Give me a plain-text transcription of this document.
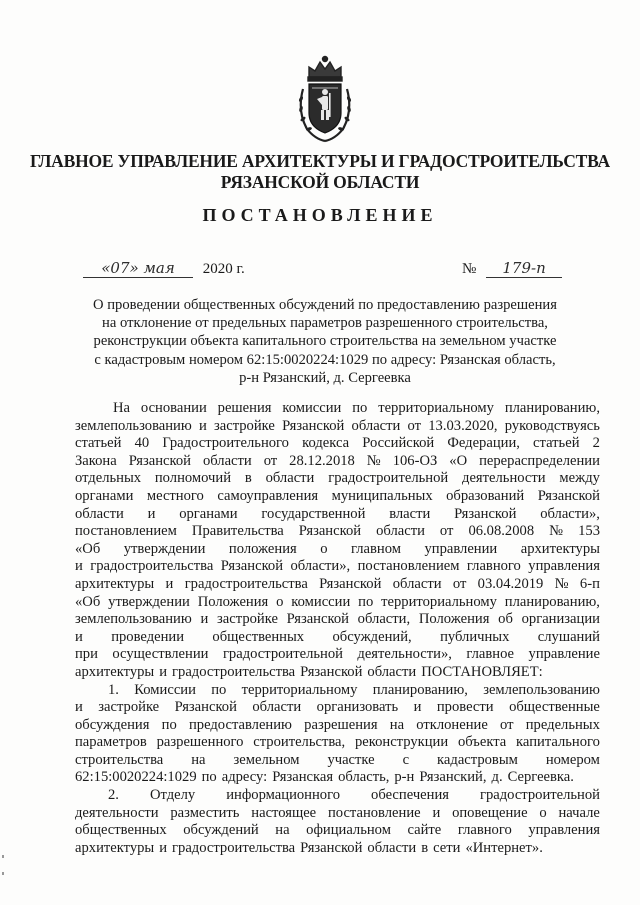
ГЛАВНОЕ УПРАВЛЕНИЕ АРХИТЕКТУРЫ И ГРАДОСТРОИТЕЛЬСТВА
РЯЗАНСКОЙ ОБЛАСТИ
ПОСТАНОВЛЕНИЕ
«07» мая 2020 г.	№ 179-п
О проведении общественных обсуждений по предоставлению разрешения
на отклонение от предельных параметров разрешенного строительства,
реконструкции объекта капитального строительства на земельном участке
с кадастровым номером 62:15:0020224:1029 по адресу: Рязанская область,
р-н Рязанский, д. Сергеевка
На основании решения комиссии по территориальному планированию,
землепользованию и застройке Рязанской области от 13.03.2020, руководствуясь
статьей 40 Градостроительного кодекса Российской Федерации, статьей 2
Закона Рязанской области от 28.12.2018 № 106-ОЗ «О перераспределении
отдельных полномочий в области градостроительной деятельности между
органами местного самоуправления муниципальных образований Рязанской
области и органами государственной власти Рязанской области»,
постановлением Правительства Рязанской области от 06.08.2008 № 153
«Об утверждении положения о главном управлении архитектуры
и градостроительства Рязанской области», постановлением главного управления
архитектуры и градостроительства Рязанской области от 03.04.2019 № 6-п
«Об утверждении Положения о комиссии по территориальному планированию,
землепользованию и застройке Рязанской области, Положения об организации
и проведении общественных обсуждений, публичных слушаний
при осуществлении градостроительной деятельности», главное управление
архитектуры и градостроительства Рязанской области ПОСТАНОВЛЯЕТ:
1. Комиссии по территориальному планированию, землепользованию
и застройке Рязанской области организовать и провести общественные
обсуждения по предоставлению разрешения на отклонение от предельных
параметров разрешенного строительства, реконструкции объекта капитального
строительства на земельном участке с кадастровым номером
62:15:0020224:1029 по адресу: Рязанская область, р-н Рязанский, д. Сергеевка.
2. Отделу информационного обеспечения градостроительной
деятельности разместить настоящее постановление и оповещение о начале
общественных обсуждений на официальном сайте главного управления
архитектуры и градостроительства Рязанской области в сети «Интернет».
